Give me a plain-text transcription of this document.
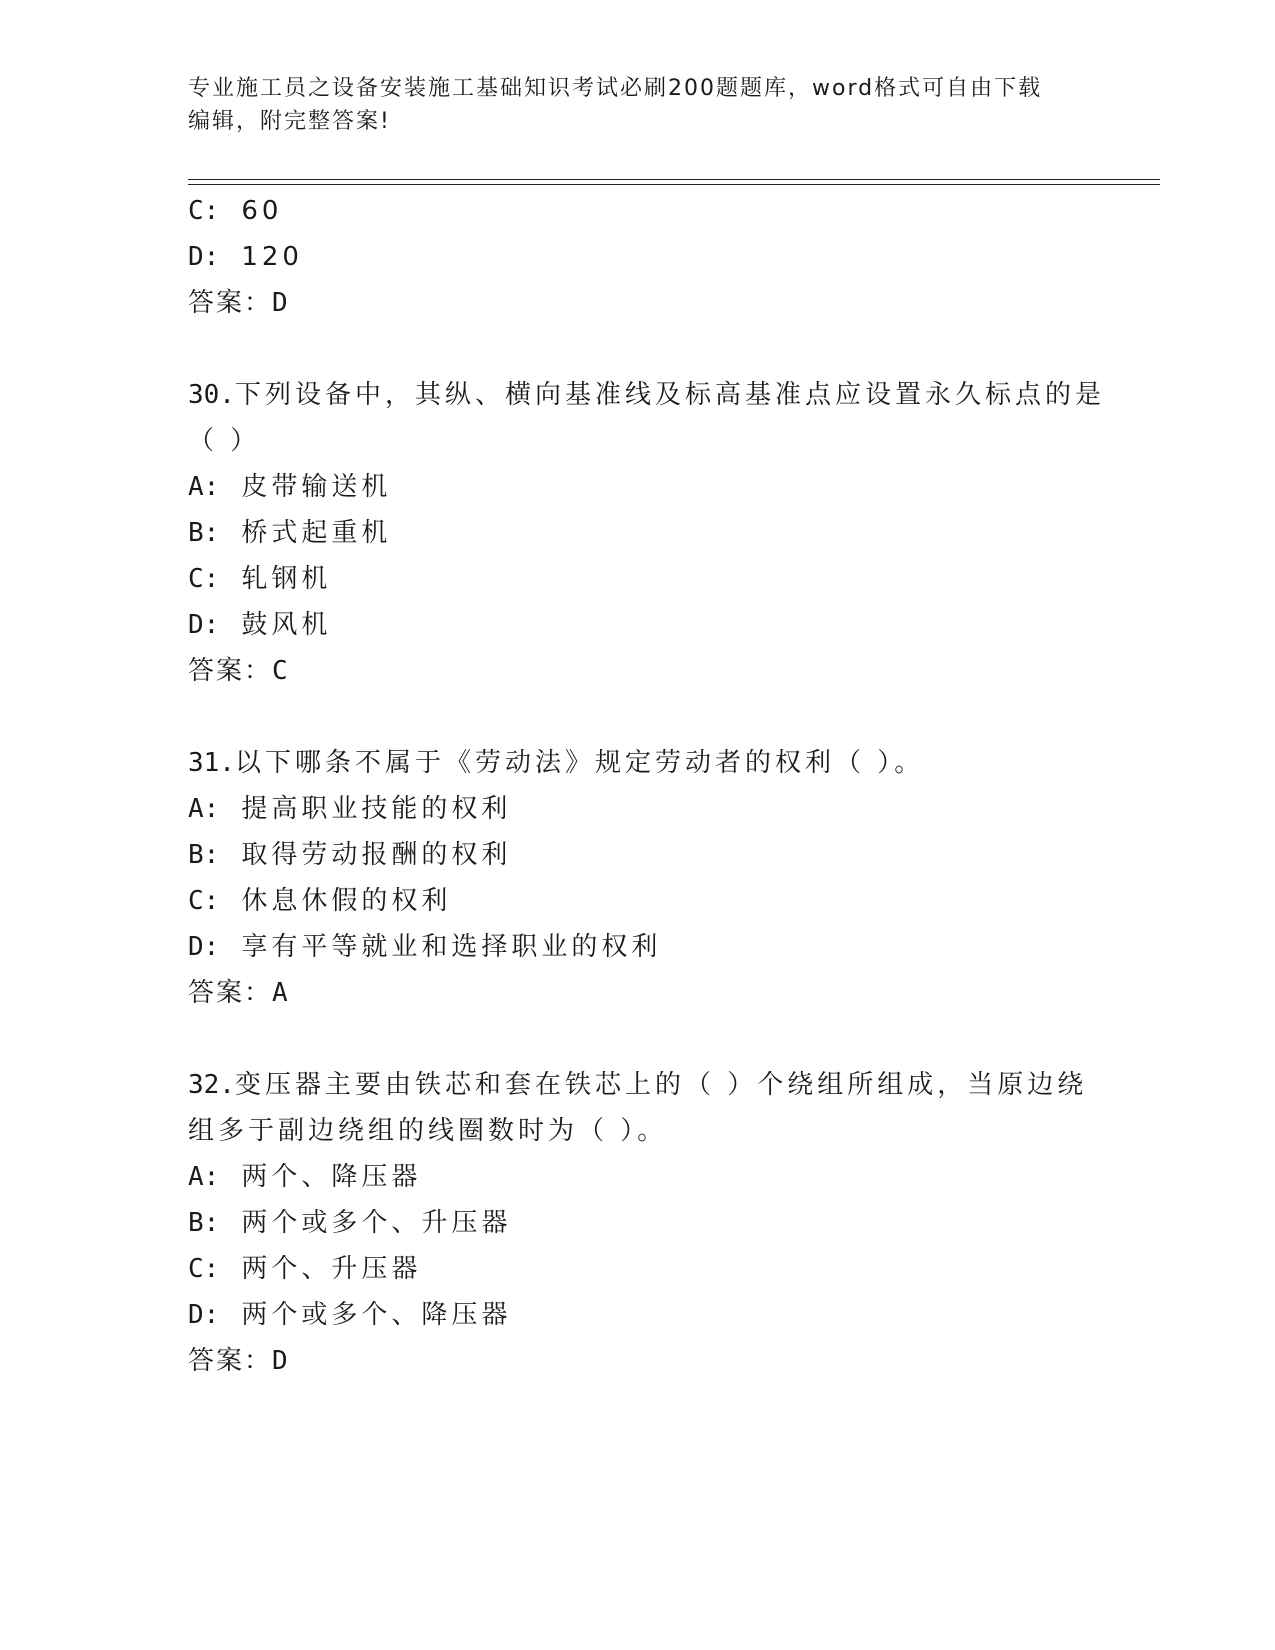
专业施工员之设备安装施工基础知识考试必刷200题题库，word格式可自由下载
编辑，附完整答案!
C: 60
D: 120
答案：D
30.下列设备中，其纵、横向基准线及标高基准点应设置永久标点的是
（ ）
A: 皮带输送机
B: 桥式起重机
C: 轧钢机
D: 鼓风机
答案：C
31.以下哪条不属于《劳动法》规定劳动者的权利（ ）。
A: 提高职业技能的权利
B: 取得劳动报酬的权利
C: 休息休假的权利
D: 享有平等就业和选择职业的权利
答案：A
32.变压器主要由铁芯和套在铁芯上的（ ）个绕组所组成，当原边绕
组多于副边绕组的线圈数时为（ ）。
A: 两个、降压器
B: 两个或多个、升压器
C: 两个、升压器
D: 两个或多个、降压器
答案：D
